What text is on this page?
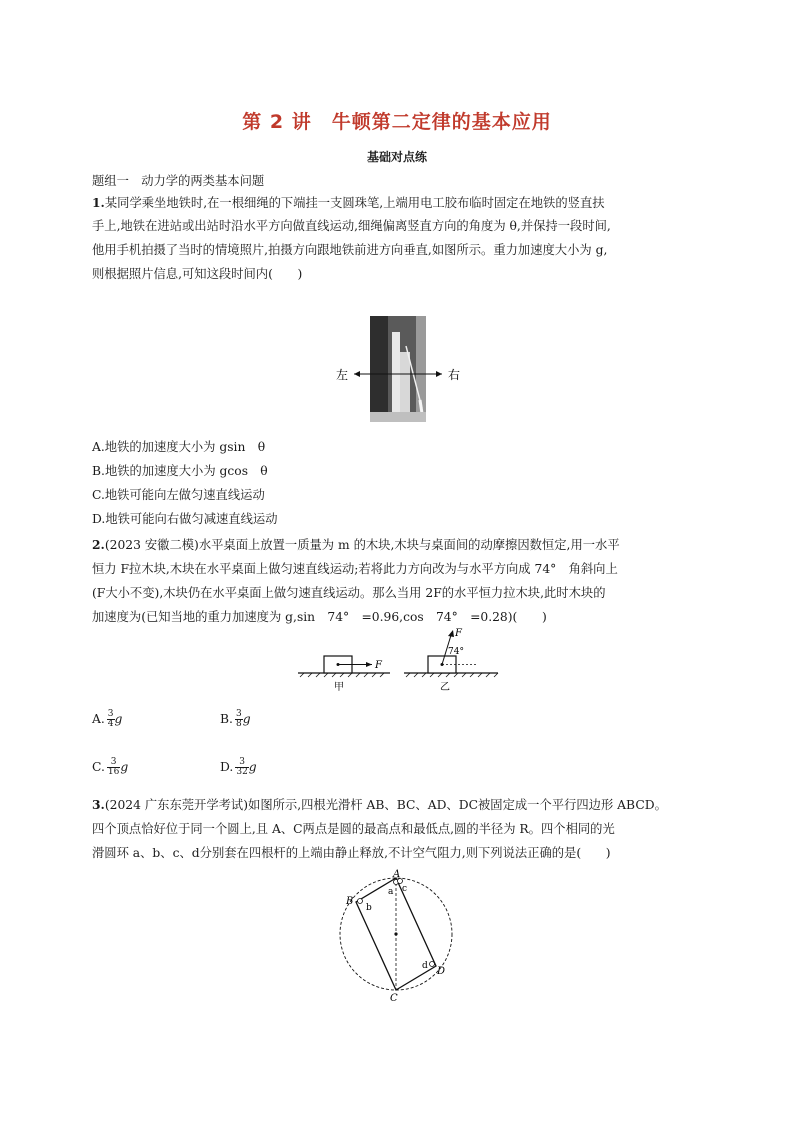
第 2 讲　牛顿第二定律的基本应用
基础对点练
题组一　动力学的两类基本问题
1.某同学乘坐地铁时,在一根细绳的下端挂一支圆珠笔,上端用电工胶布临时固定在地铁的竖直扶
手上,地铁在进站或出站时沿水平方向做直线运动,细绳偏离竖直方向的角度为 θ,并保持一段时间,
他用手机拍摄了当时的情境照片,拍摄方向跟地铁前进方向垂直,如图所示。重力加速度大小为 g,
则根据照片信息,可知这段时间内(　　)
左	右
A.地铁的加速度大小为 gsin　θ
B.地铁的加速度大小为 gcos　θ
C.地铁可能向左做匀速直线运动
D.地铁可能向右做匀减速直线运动
2.(2023 安徽二模)水平桌面上放置一质量为 m 的木块,木块与桌面间的动摩擦因数恒定,用一水平
恒力 F拉木块,木块在水平桌面上做匀速直线运动;若将此力方向改为与水平方向成 74°　角斜向上
(F大小不变),木块仍在水平桌面上做匀速直线运动。那么当用 2F的水平恒力拉木块,此时木块的
加速度为(已知当地的重力加速度为 g,sin　74°　=0.96,cos　74°　=0.28)(　　)
F
甲
F
74°
乙
A. $\frac{3}{4}$ g	B. $\frac{3}{8}$ g
C. $\frac{3}{16}$ g	D. $\frac{3}{32}$ g
3.(2024 广东东莞开学考试)如图所示,四根光滑杆 AB、BC、AD、DC被固定成一个平行四边形 ABCD。
四个顶点恰好位于同一个圆上,且 A、C两点是圆的最高点和最低点,圆的半径为 R。四个相同的光
滑圆环 a、b、c、d分别套在四根杆的上端由静止释放,不计空气阻力,则下列说法正确的是(　　)
A
B
C
D
a
b
c
d
